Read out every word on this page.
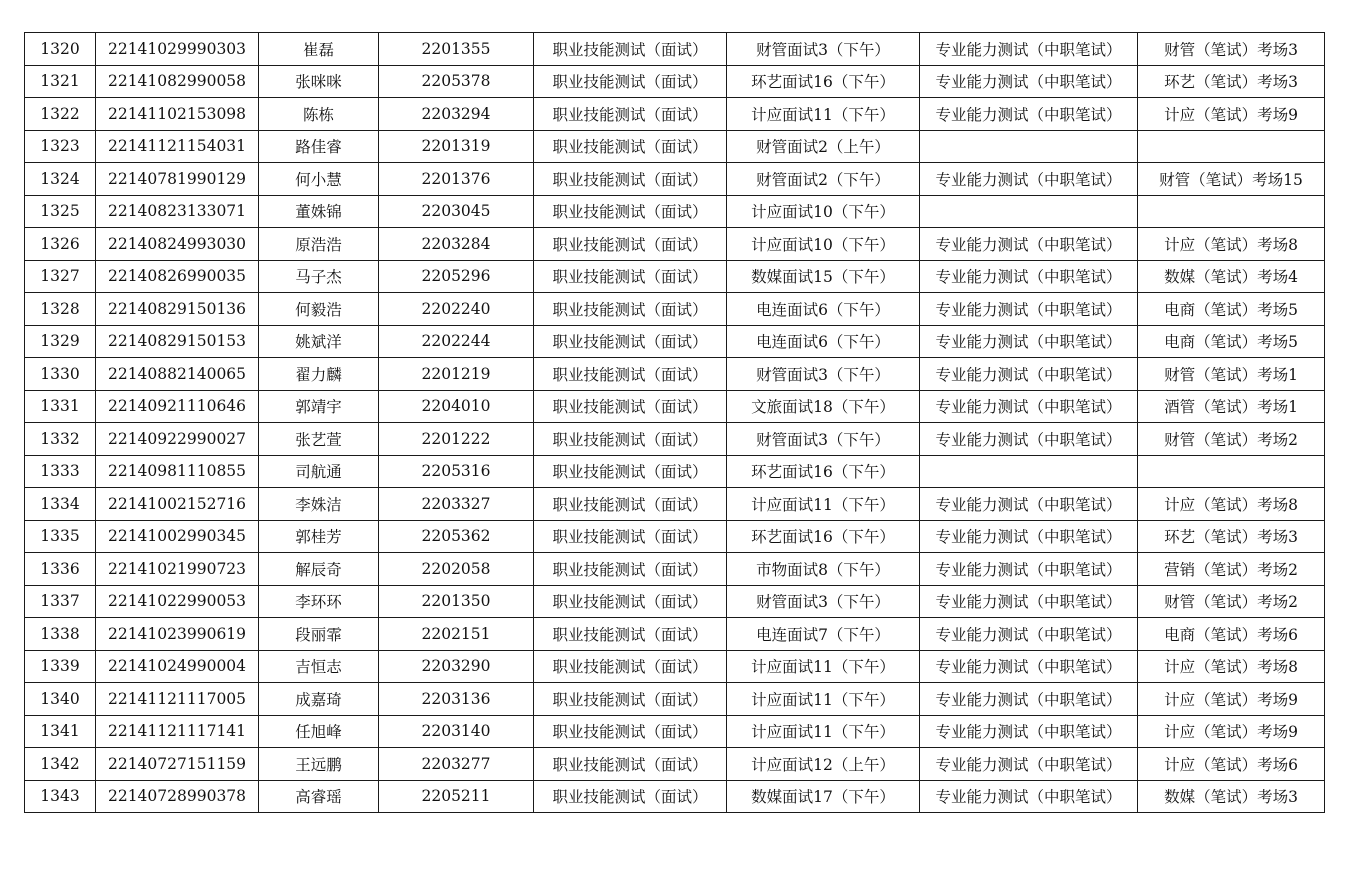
1320	22141029990303	崔磊	2201355	职业技能测试（面试）	财管面试3（下午）	专业能力测试（中职笔试）	财管（笔试）考场3
1321	22141082990058	张咪咪	2205378	职业技能测试（面试）	环艺面试16（下午）	专业能力测试（中职笔试）	环艺（笔试）考场3
1322	22141102153098	陈栋	2203294	职业技能测试（面试）	计应面试11（下午）	专业能力测试（中职笔试）	计应（笔试）考场9
1323	22141121154031	路佳睿	2201319	职业技能测试（面试）	财管面试2（上午）		
1324	22140781990129	何小慧	2201376	职业技能测试（面试）	财管面试2（下午）	专业能力测试（中职笔试）	财管（笔试）考场15
1325	22140823133071	董姝锦	2203045	职业技能测试（面试）	计应面试10（下午）		
1326	22140824993030	原浩浩	2203284	职业技能测试（面试）	计应面试10（下午）	专业能力测试（中职笔试）	计应（笔试）考场8
1327	22140826990035	马子杰	2205296	职业技能测试（面试）	数媒面试15（下午）	专业能力测试（中职笔试）	数媒（笔试）考场4
1328	22140829150136	何毅浩	2202240	职业技能测试（面试）	电连面试6（下午）	专业能力测试（中职笔试）	电商（笔试）考场5
1329	22140829150153	姚斌洋	2202244	职业技能测试（面试）	电连面试6（下午）	专业能力测试（中职笔试）	电商（笔试）考场5
1330	22140882140065	翟力麟	2201219	职业技能测试（面试）	财管面试3（下午）	专业能力测试（中职笔试）	财管（笔试）考场1
1331	22140921110646	郭靖宇	2204010	职业技能测试（面试）	文旅面试18（下午）	专业能力测试（中职笔试）	酒管（笔试）考场1
1332	22140922990027	张艺萱	2201222	职业技能测试（面试）	财管面试3（下午）	专业能力测试（中职笔试）	财管（笔试）考场2
1333	22140981110855	司航通	2205316	职业技能测试（面试）	环艺面试16（下午）		
1334	22141002152716	李姝洁	2203327	职业技能测试（面试）	计应面试11（下午）	专业能力测试（中职笔试）	计应（笔试）考场8
1335	22141002990345	郭桂芳	2205362	职业技能测试（面试）	环艺面试16（下午）	专业能力测试（中职笔试）	环艺（笔试）考场3
1336	22141021990723	解辰奇	2202058	职业技能测试（面试）	市物面试8（下午）	专业能力测试（中职笔试）	营销（笔试）考场2
1337	22141022990053	李环环	2201350	职业技能测试（面试）	财管面试3（下午）	专业能力测试（中职笔试）	财管（笔试）考场2
1338	22141023990619	段丽霏	2202151	职业技能测试（面试）	电连面试7（下午）	专业能力测试（中职笔试）	电商（笔试）考场6
1339	22141024990004	吉恒志	2203290	职业技能测试（面试）	计应面试11（下午）	专业能力测试（中职笔试）	计应（笔试）考场8
1340	22141121117005	成嘉琦	2203136	职业技能测试（面试）	计应面试11（下午）	专业能力测试（中职笔试）	计应（笔试）考场9
1341	22141121117141	任旭峰	2203140	职业技能测试（面试）	计应面试11（下午）	专业能力测试（中职笔试）	计应（笔试）考场9
1342	22140727151159	王远鹏	2203277	职业技能测试（面试）	计应面试12（上午）	专业能力测试（中职笔试）	计应（笔试）考场6
1343	22140728990378	高睿瑶	2205211	职业技能测试（面试）	数媒面试17（下午）	专业能力测试（中职笔试）	数媒（笔试）考场3
